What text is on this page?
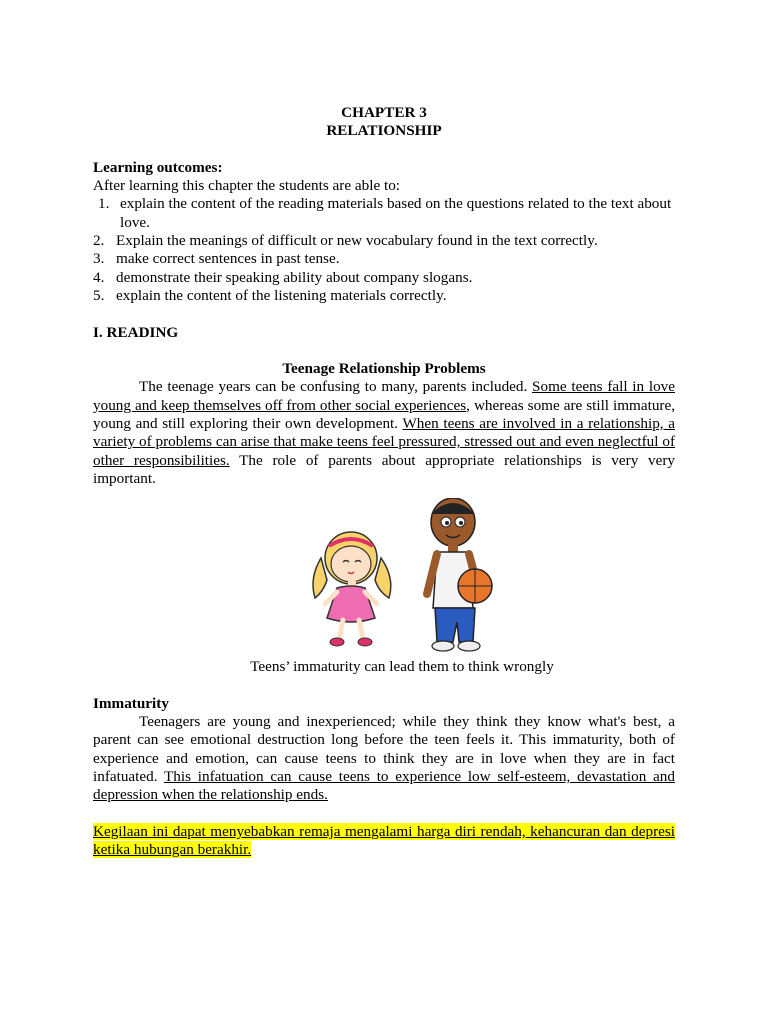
CHAPTER 3

RELATIONSHIP

Learning outcomes:
After learning this chapter the students are able to:
1. explain the content of the reading materials based on the questions related to the text about love.
2. Explain the meanings of difficult or new vocabulary found in the text correctly.
3. make correct sentences in past tense.
4. demonstrate their speaking ability about company slogans.
5. explain the content of the listening materials correctly.
I. READING
Teenage Relationship Problems

The teenage years can be confusing to many, parents included. Some teens fall in love young and keep themselves off from other social experiences, whereas some are still immature, young and still exploring their own development. When teens are involved in a relationship, a variety of problems can arise that make teens feel pressured, stressed out and even neglectful of other responsibilities. The role of parents about appropriate relationships is very very important.

Teens’ immaturity can lead them to think wrongly

Immaturity

Teenagers are young and inexperienced; while they think they know what's best, a parent can see emotional destruction long before the teen feels it. This immaturity, both of experience and emotion, can cause teens to think they are in love when they are in fact infatuated. This infatuation can cause teens to experience low self-esteem, devastation and depression when the relationship ends.

Kegilaan ini dapat menyebabkan remaja mengalami harga diri rendah, kehancuran dan depresi ketika hubungan berakhir.
